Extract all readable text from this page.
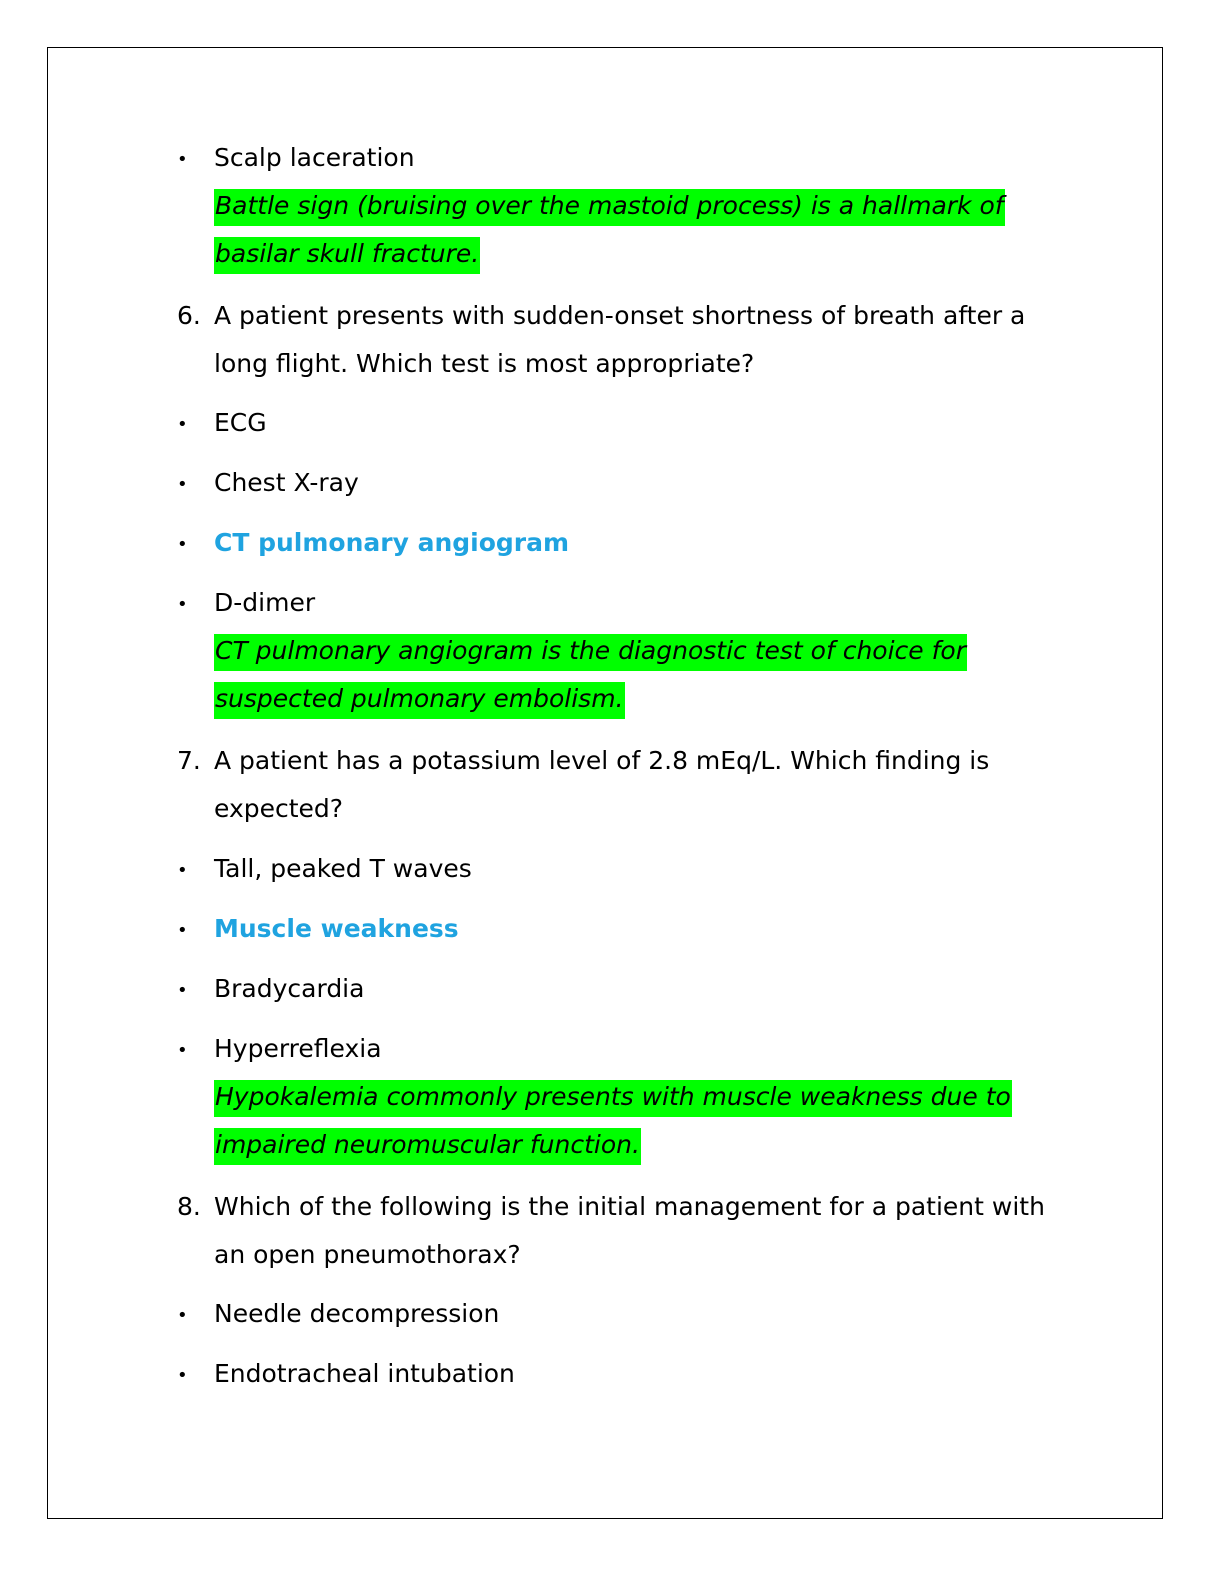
• Scalp laceration
Battle sign (bruising over the mastoid process) is a hallmark of
basilar skull fracture.
6. A patient presents with sudden-onset shortness of breath after a
long flight. Which test is most appropriate?
• ECG
• Chest X-ray
• CT pulmonary angiogram
• D-dimer
CT pulmonary angiogram is the diagnostic test of choice for
suspected pulmonary embolism.
7. A patient has a potassium level of 2.8 mEq/L. Which finding is
expected?
• Tall, peaked T waves
• Muscle weakness
• Bradycardia
• Hyperreflexia
Hypokalemia commonly presents with muscle weakness due to
impaired neuromuscular function.
8. Which of the following is the initial management for a patient with
an open pneumothorax?
• Needle decompression
• Endotracheal intubation
